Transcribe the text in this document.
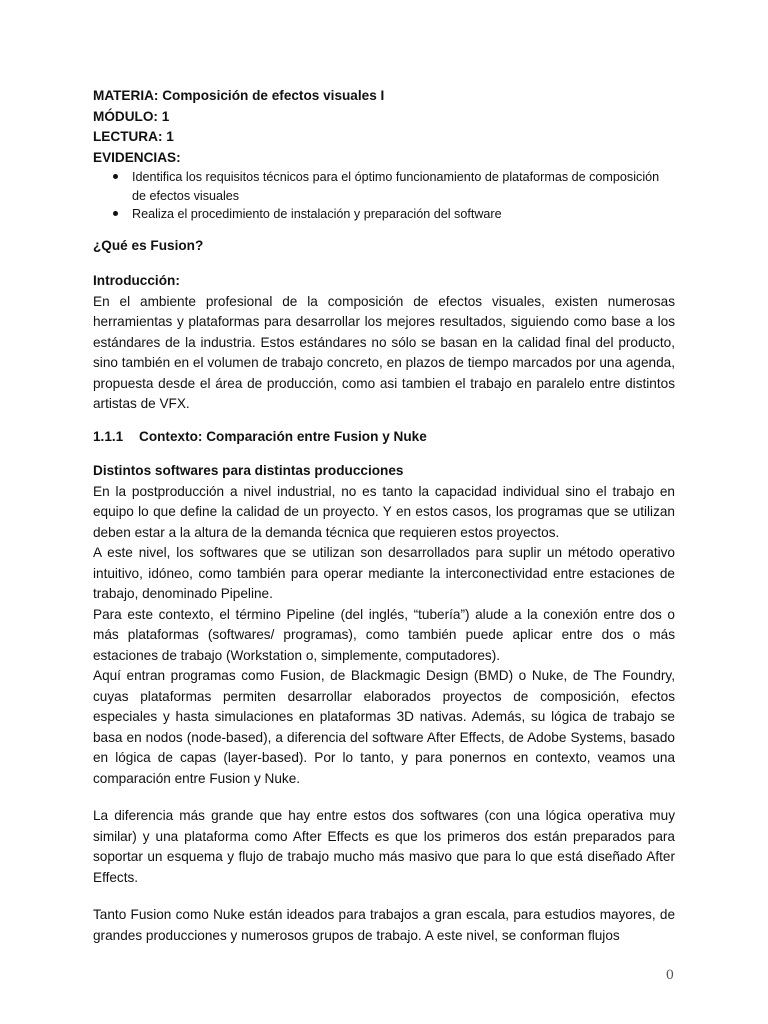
MATERIA: Composición de efectos visuales I
MÓDULO: 1
LECTURA: 1
EVIDENCIAS:
Identifica los requisitos técnicos para el óptimo funcionamiento de plataformas de composición de efectos visuales
Realiza el procedimiento de instalación y preparación del software
¿Qué es Fusion?
Introducción:

En el ambiente profesional de la composición de efectos visuales, existen numerosas herramientas y plataformas para desarrollar los mejores resultados, siguiendo como base a los estándares de la industria. Estos estándares no sólo se basan en la calidad final del producto, sino también en el volumen de trabajo concreto, en plazos de tiempo marcados por una agenda, propuesta desde el área de producción, como asi tambien el trabajo en paralelo entre distintos artistas de VFX.

1.1.1 Contexto: Comparación entre Fusion y Nuke
Distintos softwares para distintas producciones

En la postproducción a nivel industrial, no es tanto la capacidad individual sino el trabajo en equipo lo que define la calidad de un proyecto. Y en estos casos, los programas que se utilizan deben estar a la altura de la demanda técnica que requieren estos proyectos.

A este nivel, los softwares que se utilizan son desarrollados para suplir un método operativo intuitivo, idóneo, como también para operar mediante la interconectividad entre estaciones de trabajo, denominado Pipeline.

Para este contexto, el término Pipeline (del inglés, “tubería”) alude a la conexión entre dos o más plataformas (softwares/ programas), como también puede aplicar entre dos o más estaciones de trabajo (Workstation o, simplemente, computadores).

Aquí entran programas como Fusion, de Blackmagic Design (BMD) o Nuke, de The Foundry, cuyas plataformas permiten desarrollar elaborados proyectos de composición, efectos especiales y hasta simulaciones en plataformas 3D nativas. Además, su lógica de trabajo se basa en nodos (node-based), a diferencia del software After Effects, de Adobe Systems, basado en lógica de capas (layer-based). Por lo tanto, y para ponernos en contexto, veamos una comparación entre Fusion y Nuke.

La diferencia más grande que hay entre estos dos softwares (con una lógica operativa muy similar) y una plataforma como After Effects es que los primeros dos están preparados para soportar un esquema y flujo de trabajo mucho más masivo que para lo que está diseñado After Effects.

Tanto Fusion como Nuke están ideados para trabajos a gran escala, para estudios mayores, de grandes producciones y numerosos grupos de trabajo. A este nivel, se conforman flujos

0
